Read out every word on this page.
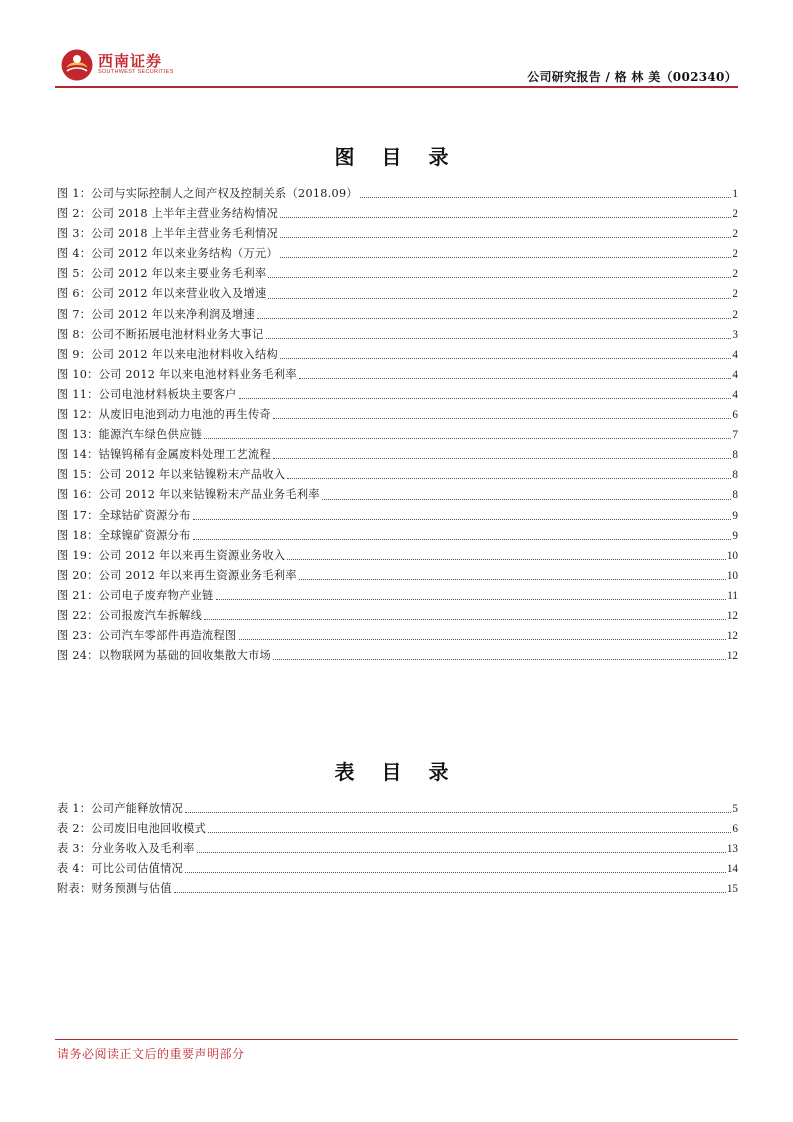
西南证券
SOUTHWEST SECURITIES	公司研究报告 / 格 林 美（002340）
图 目 录
图 1：公司与实际控制人之间产权及控制关系（2018.09）	1
图 2：公司 2018 上半年主营业务结构情况	2
图 3：公司 2018 上半年主营业务毛利情况	2
图 4：公司 2012 年以来业务结构（万元）	2
图 5：公司 2012 年以来主要业务毛利率	2
图 6：公司 2012 年以来营业收入及增速	2
图 7：公司 2012 年以来净利润及增速	2
图 8：公司不断拓展电池材料业务大事记	3
图 9：公司 2012 年以来电池材料收入结构	4
图 10：公司 2012 年以来电池材料业务毛利率	4
图 11：公司电池材料板块主要客户	4
图 12：从废旧电池到动力电池的再生传奇	6
图 13：能源汽车绿色供应链	7
图 14：钴镍钨稀有金属废料处理工艺流程	8
图 15：公司 2012 年以来钴镍粉末产品收入	8
图 16：公司 2012 年以来钴镍粉末产品业务毛利率	8
图 17：全球钴矿资源分布	9
图 18：全球镍矿资源分布	9
图 19：公司 2012 年以来再生资源业务收入	10
图 20：公司 2012 年以来再生资源业务毛利率	10
图 21：公司电子废弃物产业链	11
图 22：公司报废汽车拆解线	12
图 23：公司汽车零部件再造流程图	12
图 24：以物联网为基础的回收集散大市场	12
表 目 录
表 1：公司产能释放情况	5
表 2：公司废旧电池回收模式	6
表 3：分业务收入及毛利率	13
表 4：可比公司估值情况	14
附表：财务预测与估值	15
请务必阅读正文后的重要声明部分
